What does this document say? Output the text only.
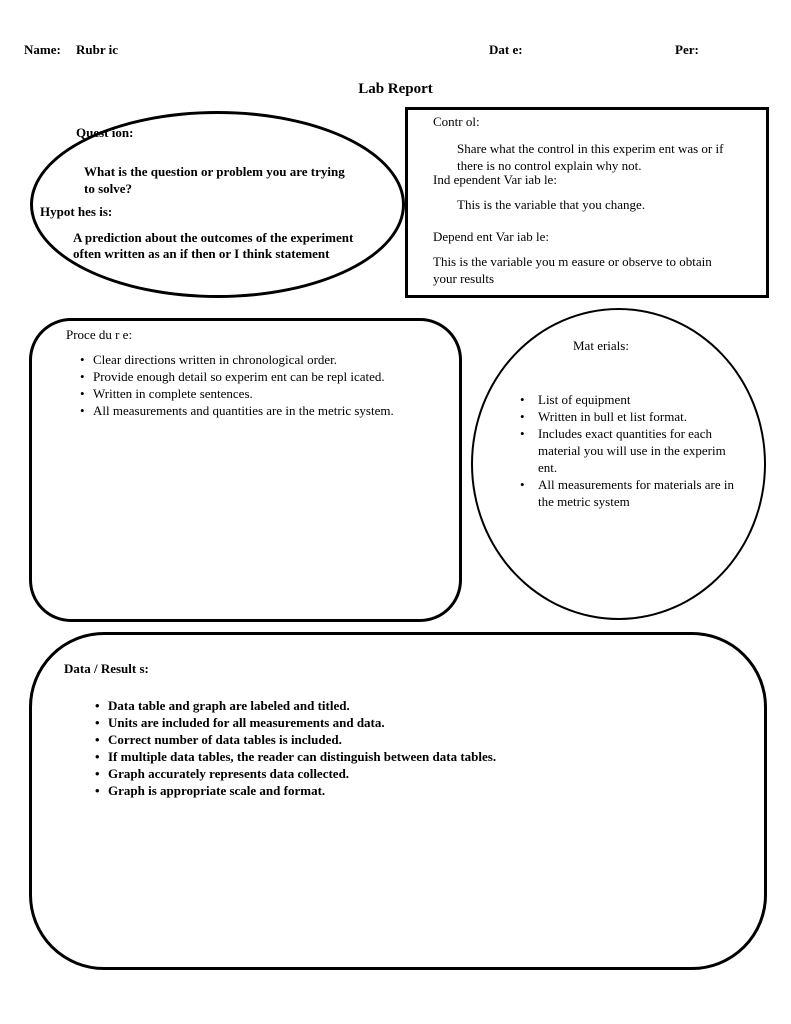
Name: Rubr ic	Dat e:	Per:
Lab Report
Quest ion:
What is the question or problem you are trying to solve?
Hypot hes is:
A prediction about the outcomes of the experiment often written as an if then or I think statement
Contr ol:
Share what the control in this experim ent was or if there is no control explain why not.
Ind ependent Var iab le:
This is the variable that you change.
Depend ent Var iab le:
This is the variable you m easure or observe to obtain your results
Proce du r e:
• Clear directions written in chronological order.
• Provide enough detail so experim ent can be repl icated.
• Written in complete sentences.
• All measurements and quantities are in the metric system.
Mat erials:
• List of equipment
• Written in bull et list format.
• Includes exact quantities for each material you will use in the experim ent.
• All measurements for materials are in the metric system
Data / Result s:
• Data table and graph are labeled and titled.
• Units are included for all measurements and data.
• Correct number of data tables is included.
• If multiple data tables, the reader can distinguish between data tables.
• Graph accurately represents data collected.
• Graph is appropriate scale and format.
